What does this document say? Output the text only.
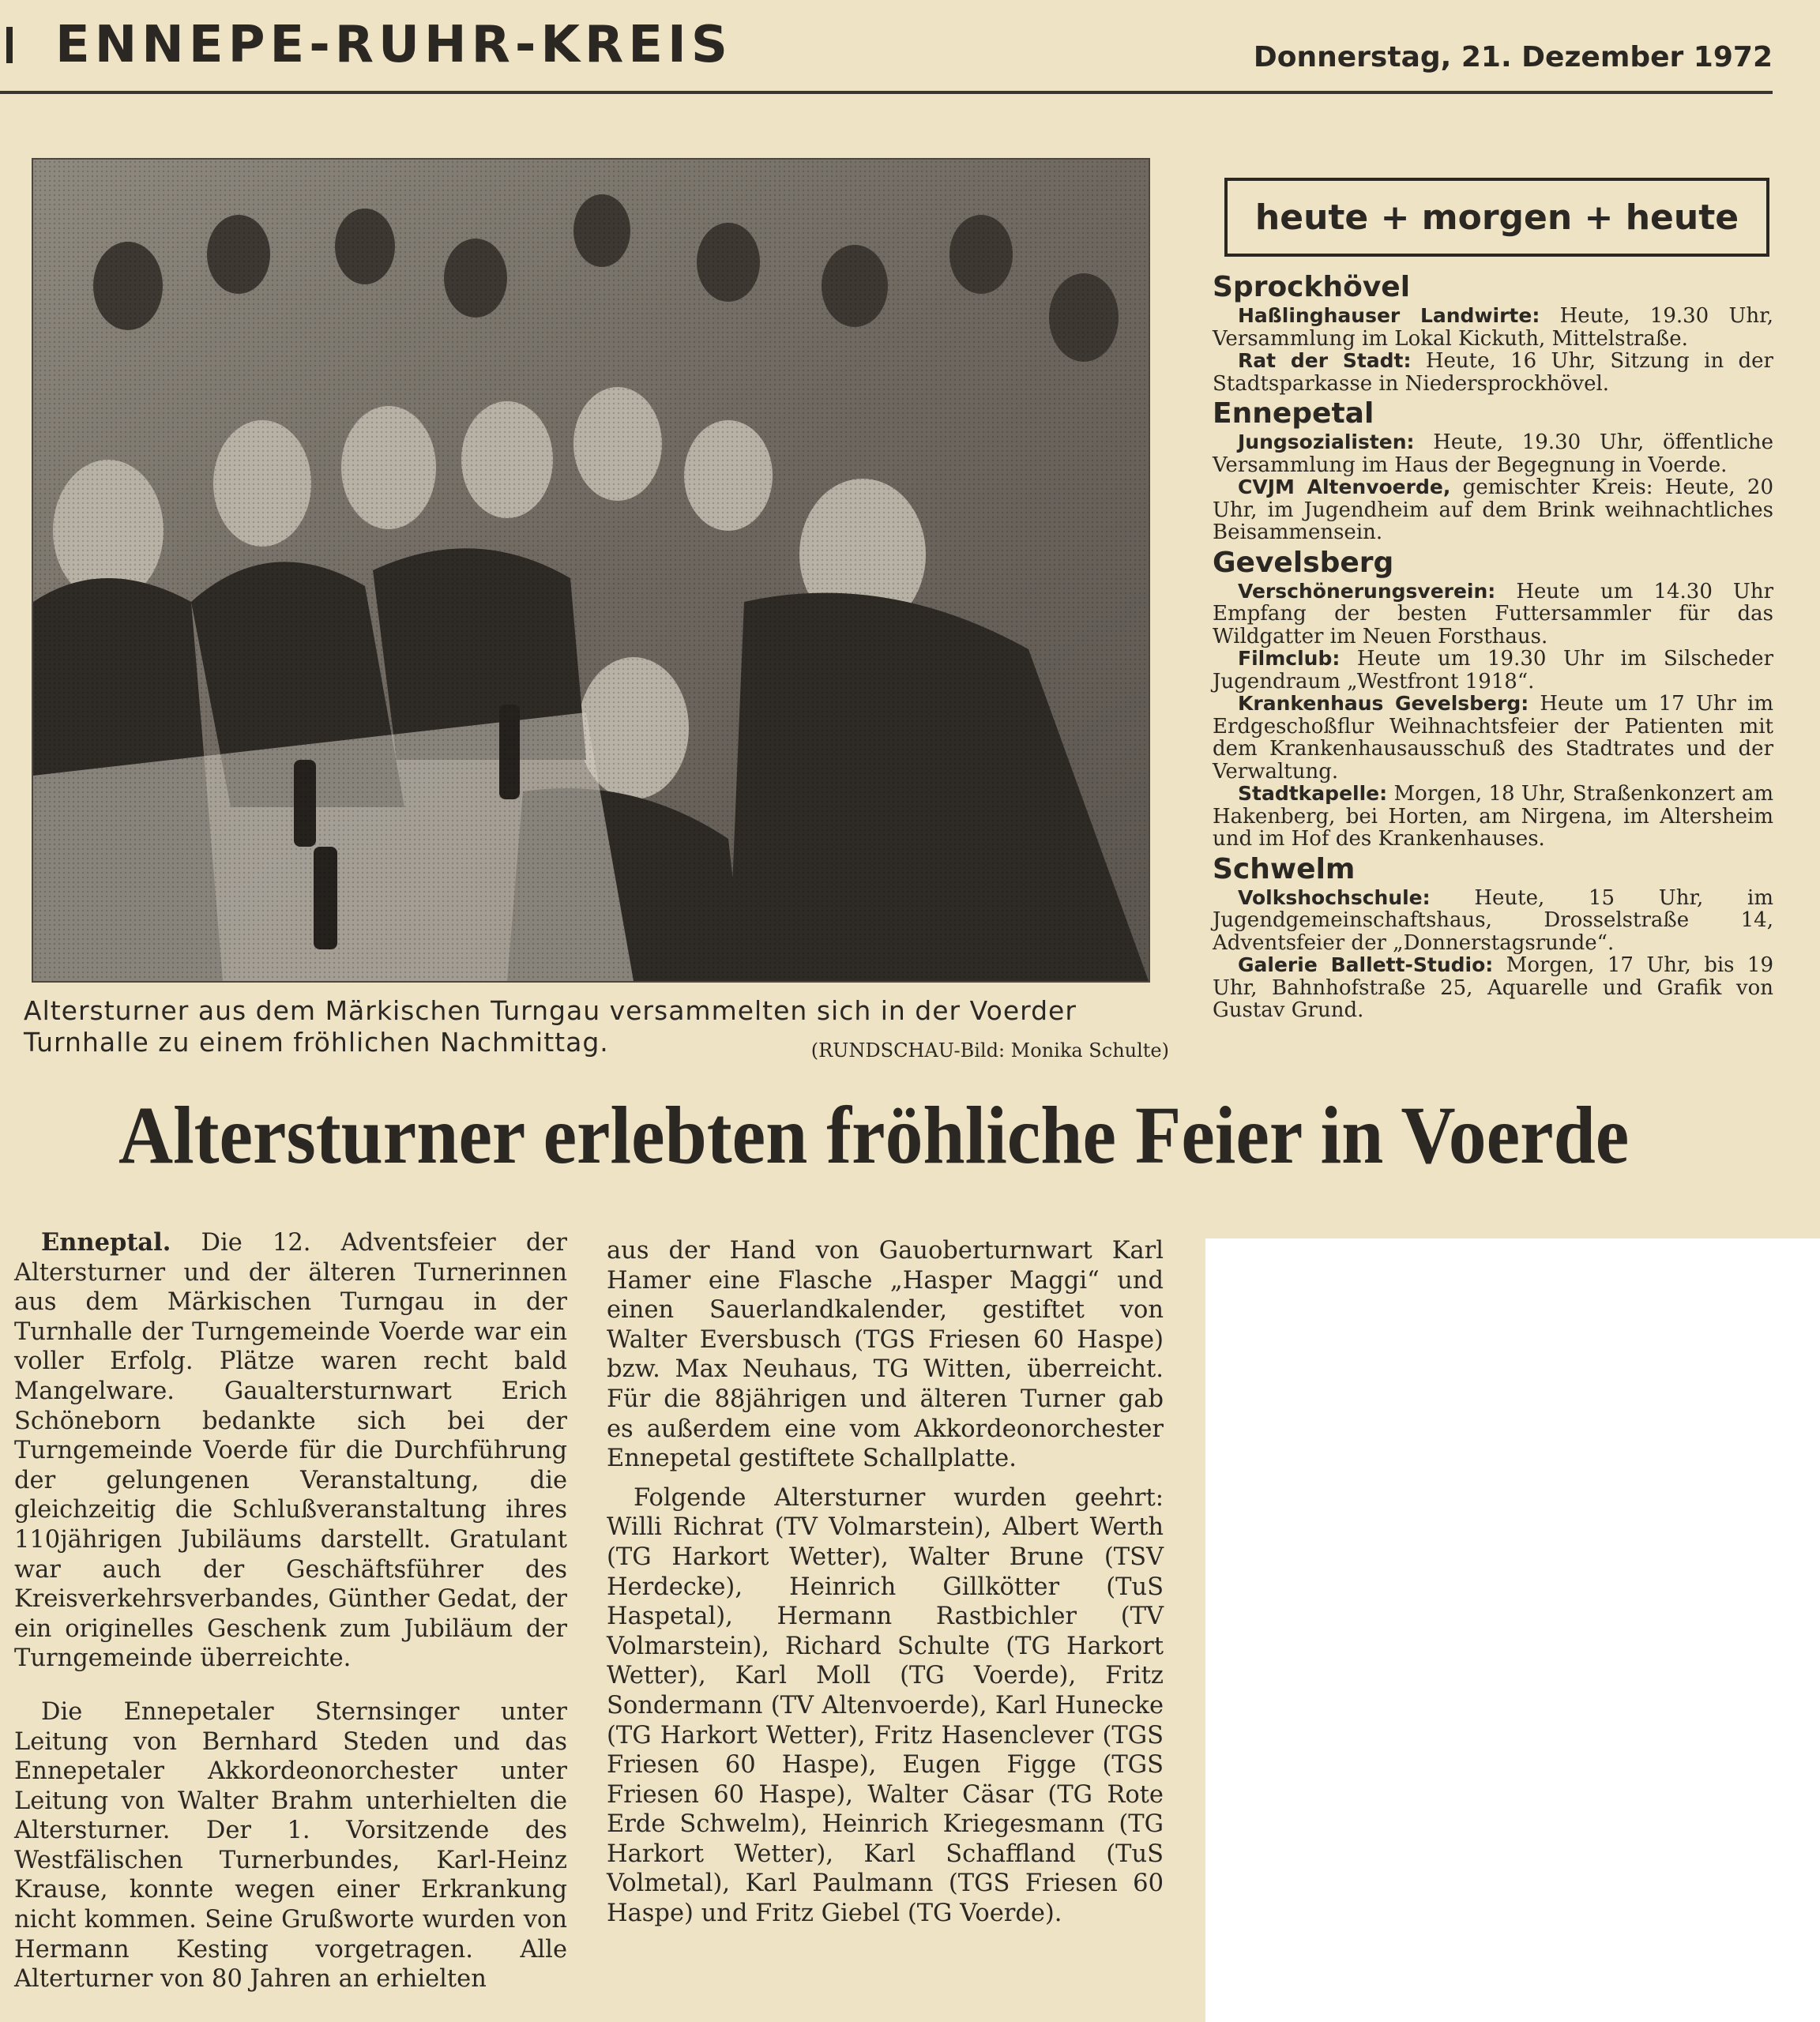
ENNEPE-RUHR-KREIS	Donnerstag, 21. Dezember 1972
Altersturner aus dem Märkischen Turngau versammelten sich in der Voerder Turnhalle zu einem fröhlichen Nachmittag.	(RUNDSCHAU-Bild: Monika Schulte)
heute + morgen + heute
Sprockhövel

Haßlinghauser Landwirte: Heute, 19.30 Uhr, Versammlung im Lokal Kickuth, Mittelstraße.

Rat der Stadt: Heute, 16 Uhr, Sitzung in der Stadtsparkasse in Niedersprockhövel.

Ennepetal

Jungsozialisten: Heute, 19.30 Uhr, öffentliche Versammlung im Haus der Begegnung in Voerde.

CVJM Altenvoerde, gemischter Kreis: Heute, 20 Uhr, im Jugendheim auf dem Brink weihnachtliches Beisammensein.

Gevelsberg

Verschönerungsverein: Heute um 14.30 Uhr Empfang der besten Futtersammler für das Wildgatter im Neuen Forsthaus.

Filmclub: Heute um 19.30 Uhr im Silscheder Jugendraum „Westfront 1918“.

Krankenhaus Gevelsberg: Heute um 17 Uhr im Erdgeschoßflur Weihnachtsfeier der Patienten mit dem Krankenhausausschuß des Stadtrates und der Verwaltung.

Stadtkapelle: Morgen, 18 Uhr, Straßenkonzert am Hakenberg, bei Horten, am Nirgena, im Altersheim und im Hof des Krankenhauses.

Schwelm

Volkshochschule: Heute, 15 Uhr, im Jugendgemeinschaftshaus, Drosselstraße 14, Adventsfeier der „Donnerstagsrunde“.

Galerie Ballett-Studio: Morgen, 17 Uhr, bis 19 Uhr, Bahnhofstraße 25, Aquarelle und Grafik von Gustav Grund.

Altersturner erlebten fröhliche Feier in Voerde

Enneptal. Die 12. Adventsfeier der Altersturner und der älteren Turnerinnen aus dem Märkischen Turngau in der Turnhalle der Turngemeinde Voerde war ein voller Erfolg. Plätze waren recht bald Mangelware. Gaualtersturnwart Erich Schöneborn bedankte sich bei der Turngemeinde Voerde für die Durchführung der gelungenen Veranstaltung, die gleichzeitig die Schlußveranstaltung ihres 110jährigen Jubiläums darstellt. Gratulant war auch der Geschäftsführer des Kreisverkehrsverbandes, Günther Gedat, der ein originelles Geschenk zum Jubiläum der Turngemeinde überreichte.

Die Ennepetaler Sternsinger unter Leitung von Bernhard Steden und das Ennepetaler Akkordeonorchester unter Leitung von Walter Brahm unterhielten die Altersturner. Der 1. Vorsitzende des Westfälischen Turnerbundes, Karl-Heinz Krause, konnte wegen einer Erkrankung nicht kommen. Seine Grußworte wurden von Hermann Kesting vorgetragen. Alle Alterturner von 80 Jahren an erhielten

aus der Hand von Gauoberturnwart Karl Hamer eine Flasche „Hasper Maggi“ und einen Sauerlandkalender, gestiftet von Walter Eversbusch (TGS Friesen 60 Haspe) bzw. Max Neuhaus, TG Witten, überreicht. Für die 88jährigen und älteren Turner gab es außerdem eine vom Akkordeonorchester Ennepetal gestiftete Schallplatte.

Folgende Altersturner wurden geehrt: Willi Richrat (TV Volmarstein), Albert Werth (TG Harkort Wetter), Walter Brune (TSV Herdecke), Heinrich Gillkötter (TuS Haspetal), Hermann Rastbichler (TV Volmarstein), Richard Schulte (TG Harkort Wetter), Karl Moll (TG Voerde), Fritz Sondermann (TV Altenvoerde), Karl Hunecke (TG Harkort Wetter), Fritz Hasenclever (TGS Friesen 60 Haspe), Eugen Figge (TGS Friesen 60 Haspe), Walter Cäsar (TG Rote Erde Schwelm), Heinrich Kriegesmann (TG Harkort Wetter), Karl Schaffland (TuS Volmetal), Karl Paulmann (TGS Friesen 60 Haspe) und Fritz Giebel (TG Voerde).
